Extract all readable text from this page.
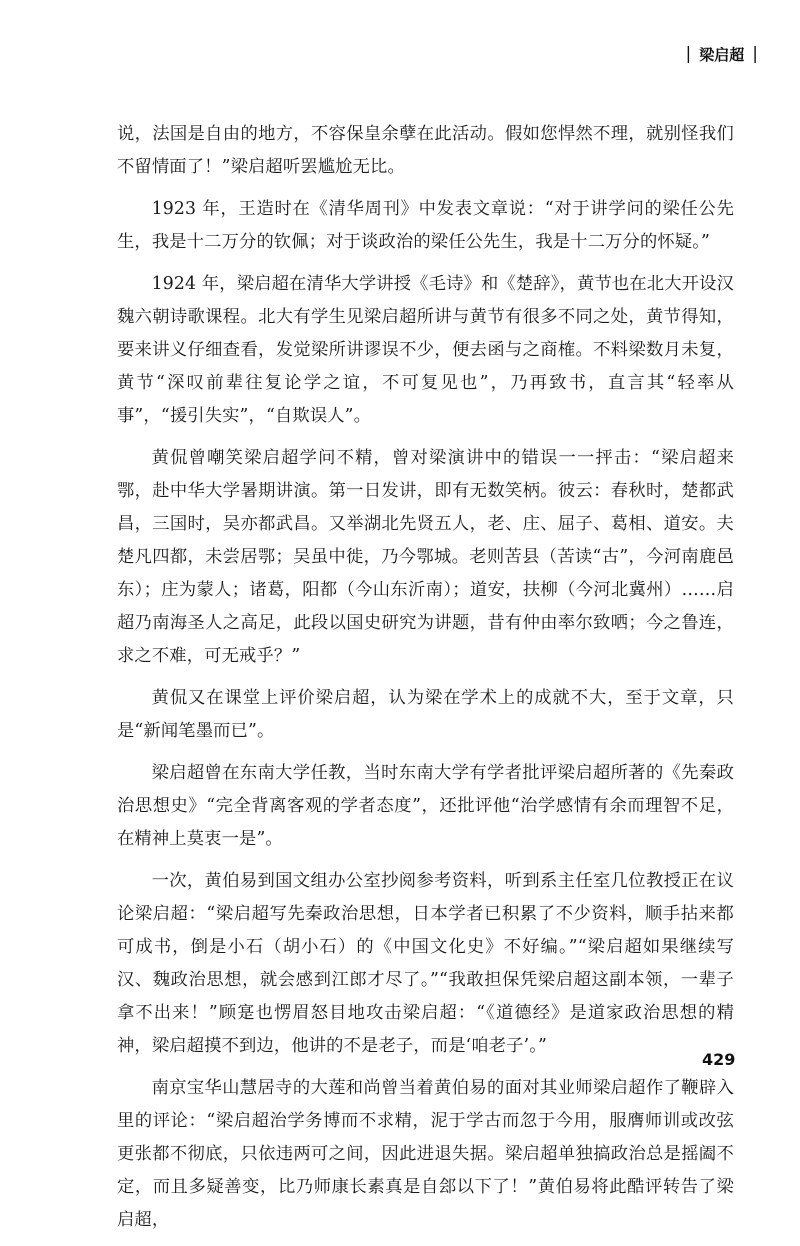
| 梁启超 |

说，法国是自由的地方，不容保皇余孽在此活动。假如您悍然不理，就别怪我们不留情面了！”梁启超听罢尴尬无比。

1923 年，王造时在《清华周刊》中发表文章说：“对于讲学问的梁任公先生，我是十二万分的钦佩；对于谈政治的梁任公先生，我是十二万分的怀疑。”

1924 年，梁启超在清华大学讲授《毛诗》和《楚辞》，黄节也在北大开设汉魏六朝诗歌课程。北大有学生见梁启超所讲与黄节有很多不同之处，黄节得知，要来讲义仔细查看，发觉梁所讲谬误不少，便去函与之商榷。不料梁数月未复，黄节“深叹前辈往复论学之谊，不可复见也”，乃再致书，直言其“轻率从事”，“援引失实”，“自欺误人”。

黄侃曾嘲笑梁启超学问不精，曾对梁演讲中的错误一一抨击：“梁启超来鄂，赴中华大学暑期讲演。第一日发讲，即有无数笑柄。彼云：春秋时，楚都武昌，三国时，吴亦都武昌。又举湖北先贤五人，老、庄、屈子、葛相、道安。夫楚凡四都，未尝居鄂；吴虽中徙，乃今鄂城。老则苦县（苦读“古”，今河南鹿邑东）；庄为蒙人；诸葛，阳都（今山东沂南）；道安，扶柳（今河北冀州）……启超乃南海圣人之高足，此段以国史研究为讲题，昔有仲由率尔致哂；今之鲁连，求之不难，可无戒乎？”

黄侃又在课堂上评价梁启超，认为梁在学术上的成就不大，至于文章，只是“新闻笔墨而已”。

梁启超曾在东南大学任教，当时东南大学有学者批评梁启超所著的《先秦政治思想史》“完全背离客观的学者态度”，还批评他“治学感情有余而理智不足，在精神上莫衷一是”。

一次，黄伯易到国文组办公室抄阅参考资料，听到系主任室几位教授正在议论梁启超：“梁启超写先秦政治思想，日本学者已积累了不少资料，顺手拈来都可成书，倒是小石（胡小石）的《中国文化史》不好编。”“梁启超如果继续写汉、魏政治思想，就会感到江郎才尽了。”“我敢担保凭梁启超这副本领，一辈子拿不出来！”顾寔也愣眉怒目地攻击梁启超：“《道德经》是道家政治思想的精神，梁启超摸不到边，他讲的不是老子，而是‘咱老子’。”

南京宝华山慧居寺的大莲和尚曾当着黄伯易的面对其业师梁启超作了鞭辟入里的评论：“梁启超治学务博而不求精，泥于学古而忽于今用，服膺师训或改弦更张都不彻底，只依违两可之间，因此进退失据。梁启超单独搞政治总是摇阖不定，而且多疑善变，比乃师康长素真是自郐以下了！”黄伯易将此酷评转告了梁启超，

429
